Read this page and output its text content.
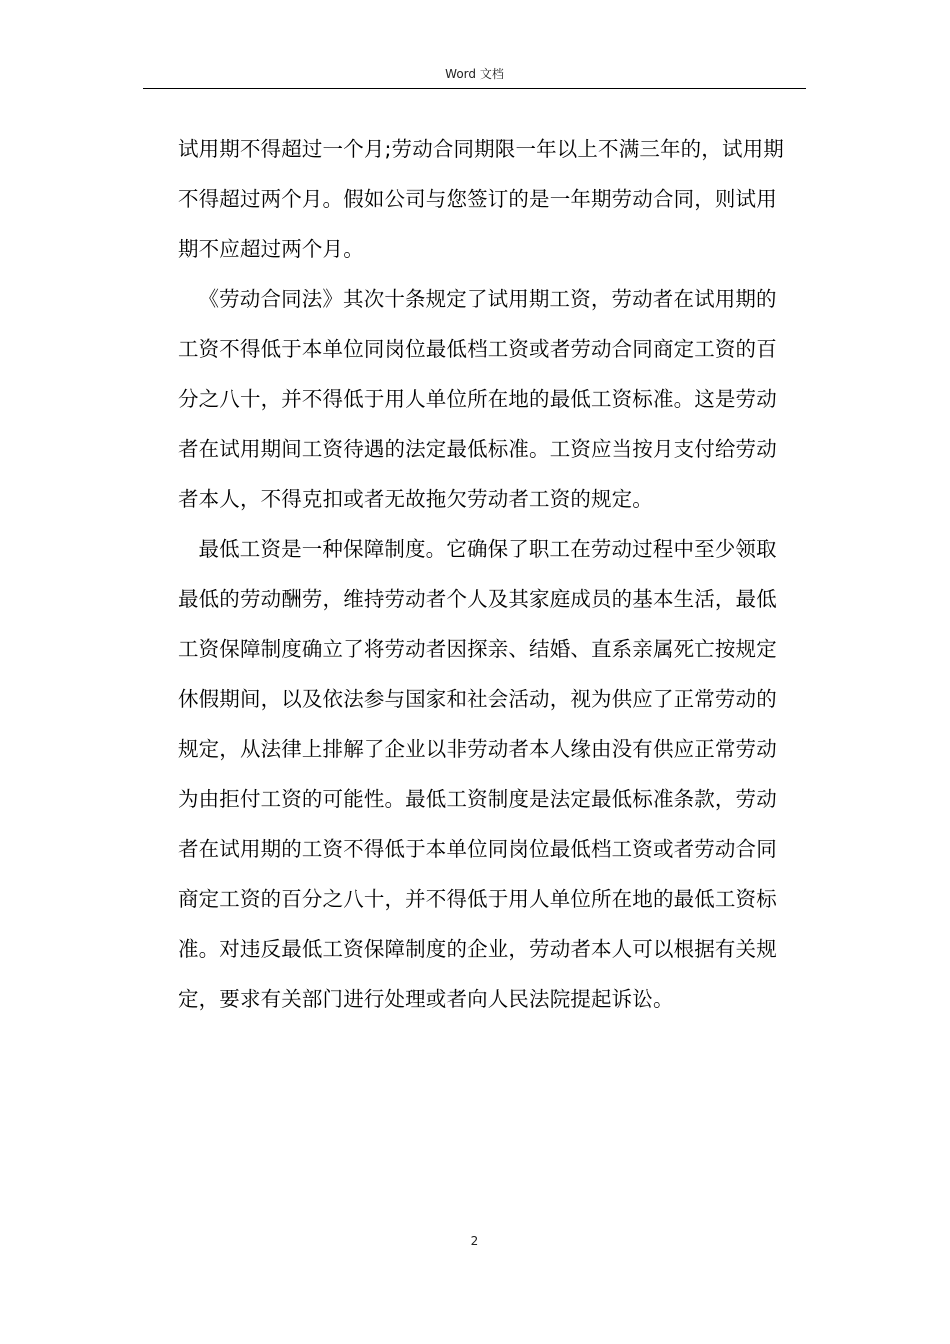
Word 文档

试用期不得超过一个月;劳动合同期限一年以上不满三年的，试用期不得超过两个月。假如公司与您签订的是一年期劳动合同，则试用期不应超过两个月。

《劳动合同法》其次十条规定了试用期工资，劳动者在试用期的工资不得低于本单位同岗位最低档工资或者劳动合同商定工资的百分之八十，并不得低于用人单位所在地的最低工资标准。这是劳动者在试用期间工资待遇的法定最低标准。工资应当按月支付给劳动者本人，不得克扣或者无故拖欠劳动者工资的规定。

最低工资是一种保障制度。它确保了职工在劳动过程中至少领取最低的劳动酬劳，维持劳动者个人及其家庭成员的基本生活，最低工资保障制度确立了将劳动者因探亲、结婚、直系亲属死亡按规定休假期间，以及依法参与国家和社会活动，视为供应了正常劳动的规定，从法律上排解了企业以非劳动者本人缘由没有供应正常劳动为由拒付工资的可能性。最低工资制度是法定最低标准条款，劳动者在试用期的工资不得低于本单位同岗位最低档工资或者劳动合同商定工资的百分之八十，并不得低于用人单位所在地的最低工资标准。对违反最低工资保障制度的企业，劳动者本人可以根据有关规定，要求有关部门进行处理或者向人民法院提起诉讼。

2
